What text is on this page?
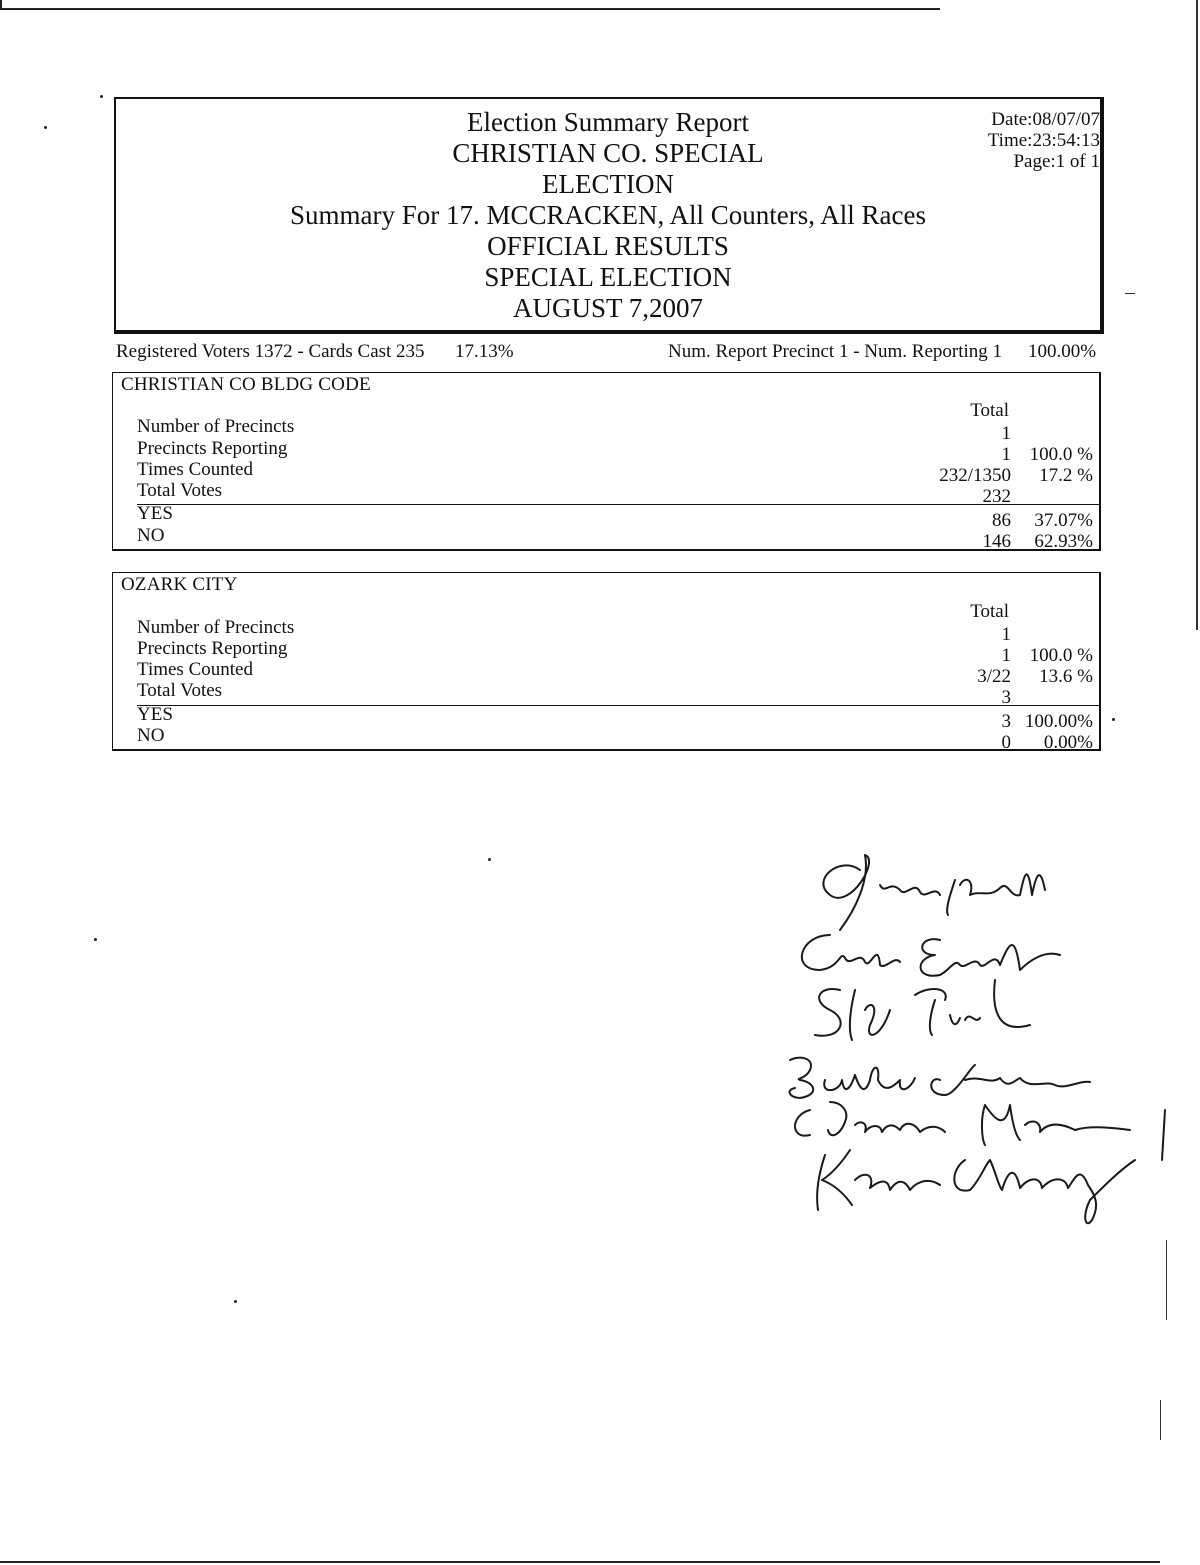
Election Summary Report
CHRISTIAN CO. SPECIAL
ELECTION
Summary For 17. MCCRACKEN, All Counters, All Races
OFFICIAL RESULTS
SPECIAL ELECTION
AUGUST 7,2007
Date:08/07/07
Time:23:54:13
Page:1 of 1
Registered Voters 1372 - Cards Cast 235 17.13%	Num. Report Precinct 1 - Num. Reporting 1 100.00%
CHRISTIAN CO BLDG CODE
Total
Number of Precincts	1
Precincts Reporting	1 100.0 %
Times Counted	232/1350 17.2 %
Total Votes	232
YES	86 37.07%
NO	146 62.93%
OZARK CITY
Total
Number of Precincts	1
Precincts Reporting	1 100.0 %
Times Counted	3/22 13.6 %
Total Votes	3
YES	3 100.00%
NO	0 0.00%
